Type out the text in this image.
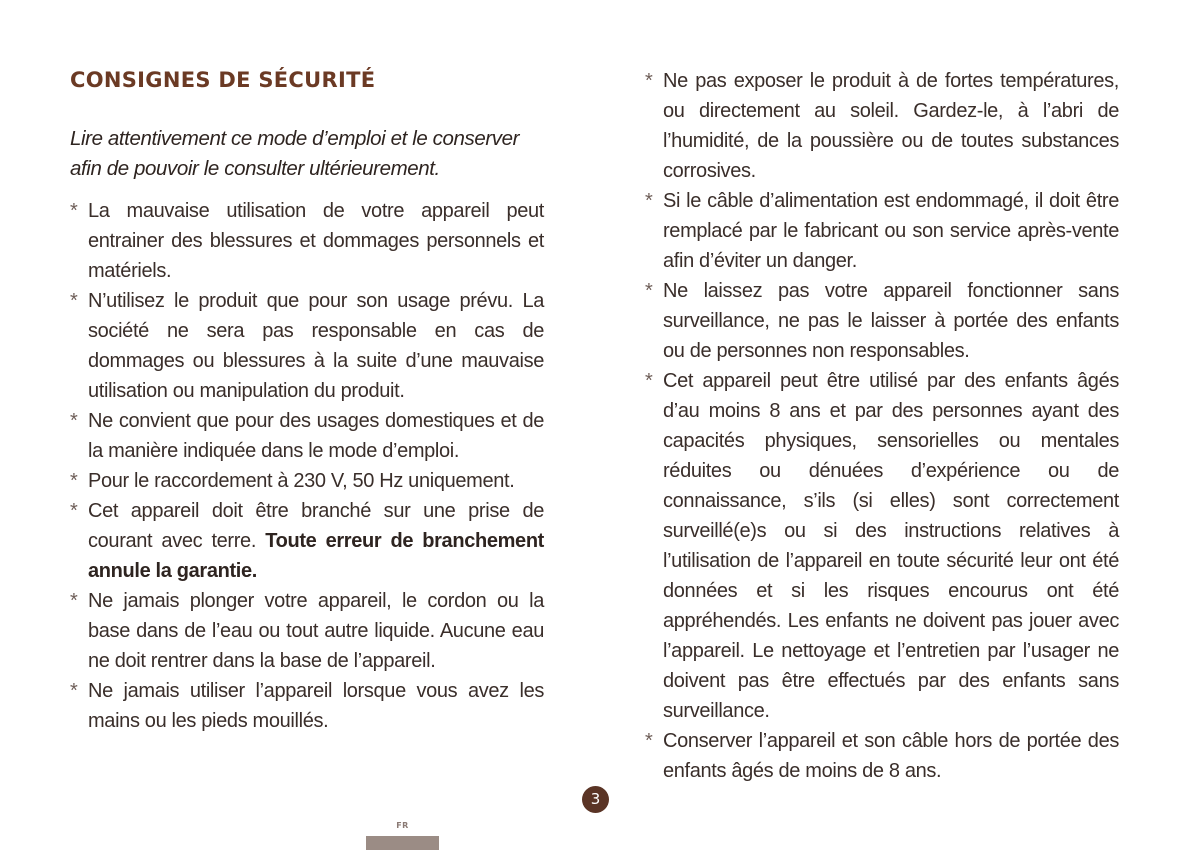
CONSIGNES DE SÉCURITÉ

Lire attentivement ce mode d’emploi et le conserver afin de pouvoir le consulter ultérieurement.

* La mauvaise utilisation de votre appareil peut entrainer des blessures et dommages personnels et matériels.
* N’utilisez le produit que pour son usage prévu. La société ne sera pas responsable en cas de dommages ou blessures à la suite d’une mauvaise utilisation ou manipulation du produit.
* Ne convient que pour des usages domestiques et de la manière indiquée dans le mode d’emploi.
* Pour le raccordement à 230 V, 50 Hz uniquement.
* Cet appareil doit être branché sur une prise de courant avec terre. Toute erreur de branchement annule la garantie.
* Ne jamais plonger votre appareil, le cordon ou la base dans de l’eau ou tout autre liquide. Aucune eau ne doit rentrer dans la base de l’appareil.
* Ne jamais utiliser l’appareil lorsque vous avez les mains ou les pieds mouillés.
* Ne pas exposer le produit à de fortes températures, ou directement au soleil. Gardez-le, à l’abri de l’humidité, de la poussière ou de toutes substances corrosives.
* Si le câble d’alimentation est endommagé, il doit être remplacé par le fabricant ou son service après-vente afin d’éviter un danger.
* Ne laissez pas votre appareil fonctionner sans surveillance, ne pas le laisser à portée des enfants ou de personnes non responsables.
* Cet appareil peut être utilisé par des enfants âgés d’au moins 8 ans et par des personnes ayant des capacités physiques, sensorielles ou mentales réduites ou dénuées d’expérience ou de connaissance, s’ils (si elles) sont correctement surveillé(e)s ou si des instructions relatives à l’utilisation de l’appareil en toute sécurité leur ont été données et si les risques encourus ont été appréhendés. Les enfants ne doivent pas jouer avec l’appareil. Le nettoyage et l’entretien par l’usager ne doivent pas être effectués par des enfants sans surveillance.
* Conserver l’appareil et son câble hors de portée des enfants âgés de moins de 8 ans.
3
FR
